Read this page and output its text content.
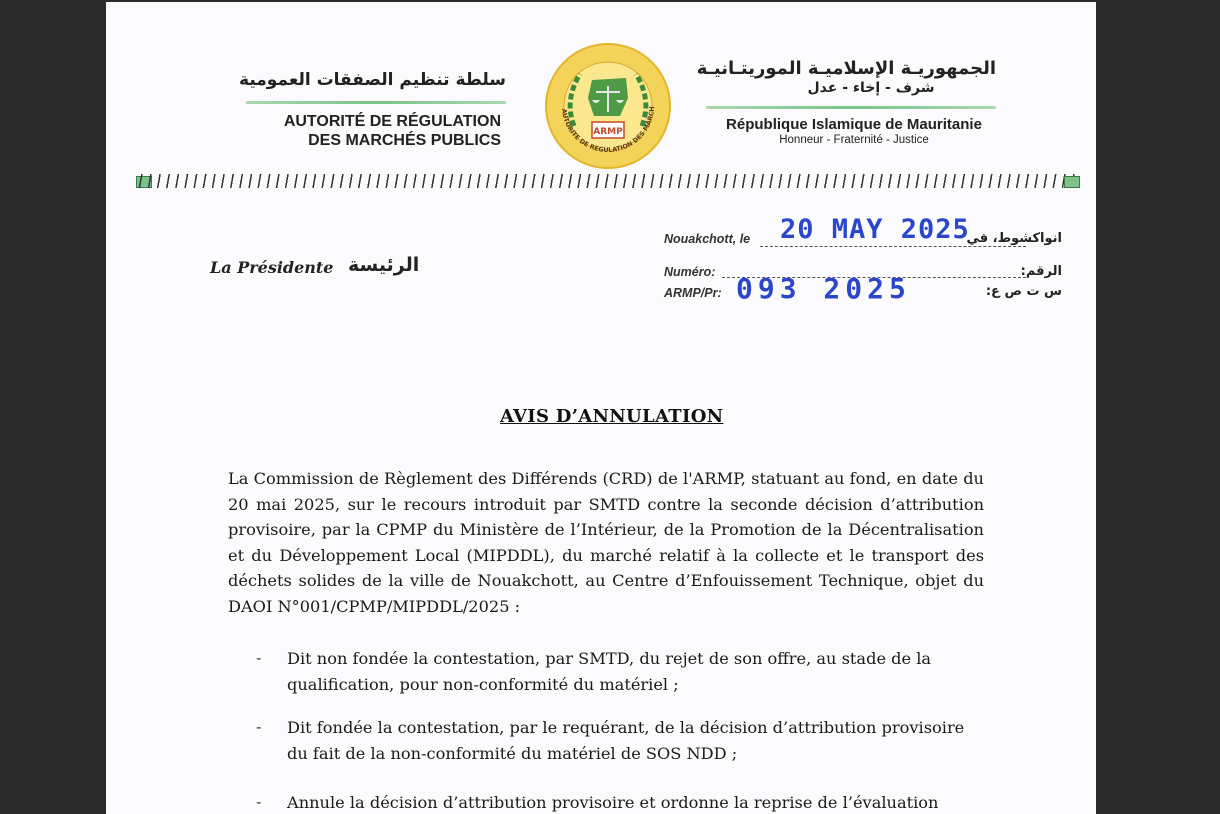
سلطة تنظيم الصفقات العمومية
AUTORITÉ DE RÉGULATION
DES MARCHÉS PUBLICS	ARMP
AUTORITE DE REGULATION DES MARCH
الجمهوريـة الإسلاميـة الموريتـانيـة
شرف - إخاء - عدل
République Islamique de Mauritanie
Honneur - Fraternité - Justice
Nouakchott, le 20 MAY 2025
انواكشوط، في
Numéro:	الرقم:
ARMP/Pr: 093 2025	س ت ص ع:
La Présidente الرئيسة
AVIS D’ANNULATION
La Commission de Règlement des Différends (CRD) de l'ARMP, statuant au fond, en date du 20 mai 2025, sur le recours introduit par SMTD contre la seconde décision d’attribution provisoire, par la CPMP du Ministère de l’Intérieur, de la Promotion de la Décentralisation et du Développement Local (MIPDDL), du marché relatif à la collecte et le transport des déchets solides de la ville de Nouakchott, au Centre d’Enfouissement Technique, objet du DAOI N°001/CPMP/MIPDDL/2025 :
- Dit non fondée la contestation, par SMTD, du rejet de son offre, au stade de la qualification, pour non-conformité du matériel ;
- Dit fondée la contestation, par le requérant, de la décision d’attribution provisoire du fait de la non-conformité du matériel de SOS NDD ;
- Annule la décision d’attribution provisoire et ordonne la reprise de l’évaluation
